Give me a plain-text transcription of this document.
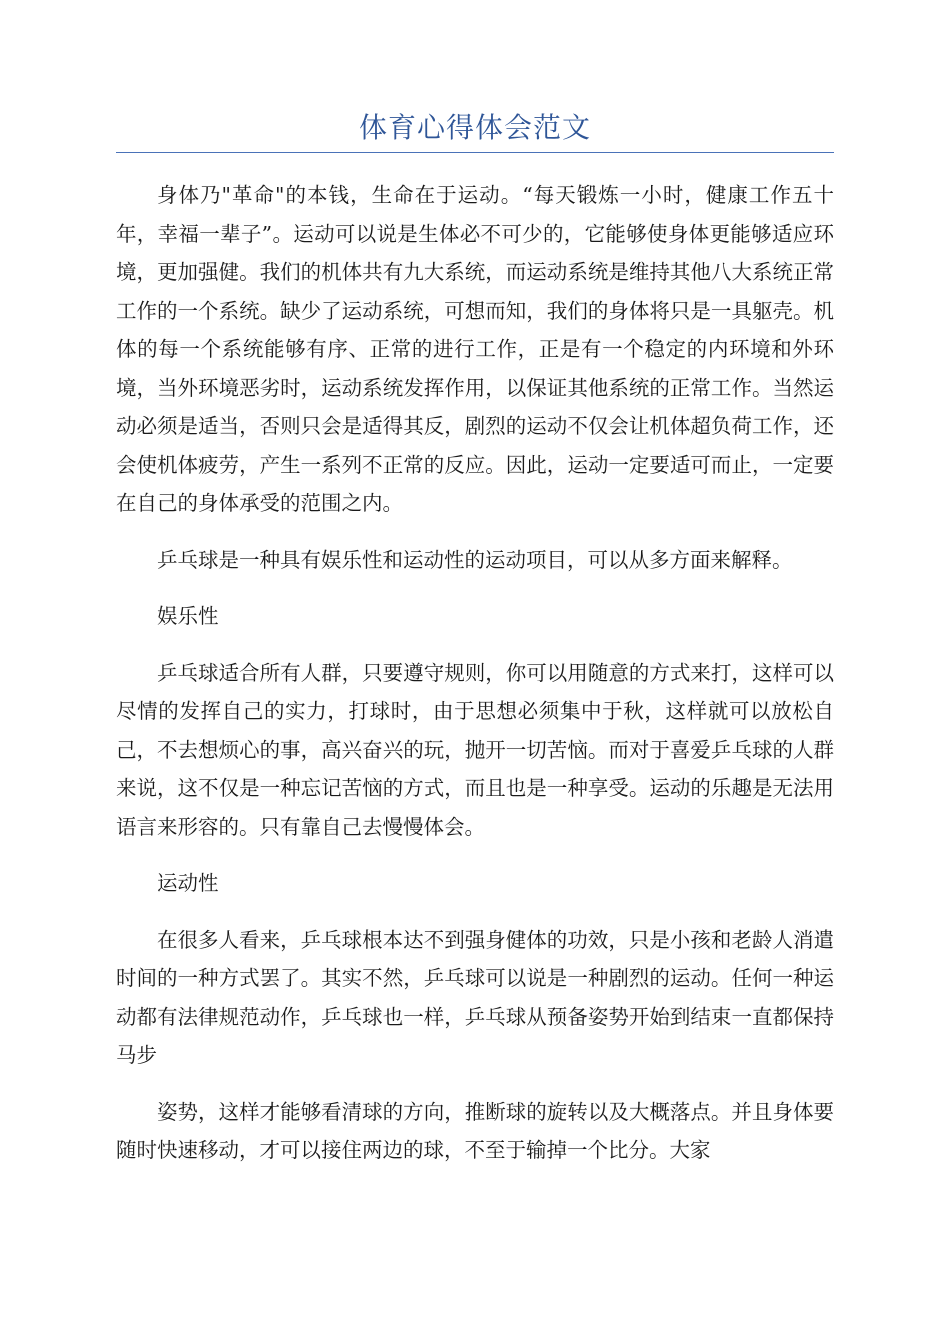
体育心得体会范文

身体乃"革命"的本钱，生命在于运动。“每天锻炼一小时，健康工作五十年，幸福一辈子”。运动可以说是生体必不可少的，它能够使身体更能够适应环境，更加强健。我们的机体共有九大系统，而运动系统是维持其他八大系统正常工作的一个系统。缺少了运动系统，可想而知，我们的身体将只是一具躯壳。机体的每一个系统能够有序、正常的进行工作，正是有一个稳定的内环境和外环境，当外环境恶劣时，运动系统发挥作用，以保证其他系统的正常工作。当然运动必须是适当，否则只会是适得其反，剧烈的运动不仅会让机体超负荷工作，还会使机体疲劳，产生一系列不正常的反应。因此，运动一定要适可而止，一定要在自己的身体承受的范围之内。

乒乓球是一种具有娱乐性和运动性的运动项目，可以从多方面来解释。

娱乐性

乒乓球适合所有人群，只要遵守规则，你可以用随意的方式来打，这样可以尽情的发挥自己的实力，打球时，由于思想必须集中于秋，这样就可以放松自己，不去想烦心的事，高兴奋兴的玩，抛开一切苦恼。而对于喜爱乒乓球的人群来说，这不仅是一种忘记苦恼的方式，而且也是一种享受。运动的乐趣是无法用语言来形容的。只有靠自己去慢慢体会。

运动性

在很多人看来，乒乓球根本达不到强身健体的功效，只是小孩和老龄人消遣时间的一种方式罢了。其实不然，乒乓球可以说是一种剧烈的运动。任何一种运动都有法律规范动作，乒乓球也一样，乒乓球从预备姿势开始到结束一直都保持马步

姿势，这样才能够看清球的方向，推断球的旋转以及大概落点。并且身体要随时快速移动，才可以接住两边的球，不至于输掉一个比分。大家
